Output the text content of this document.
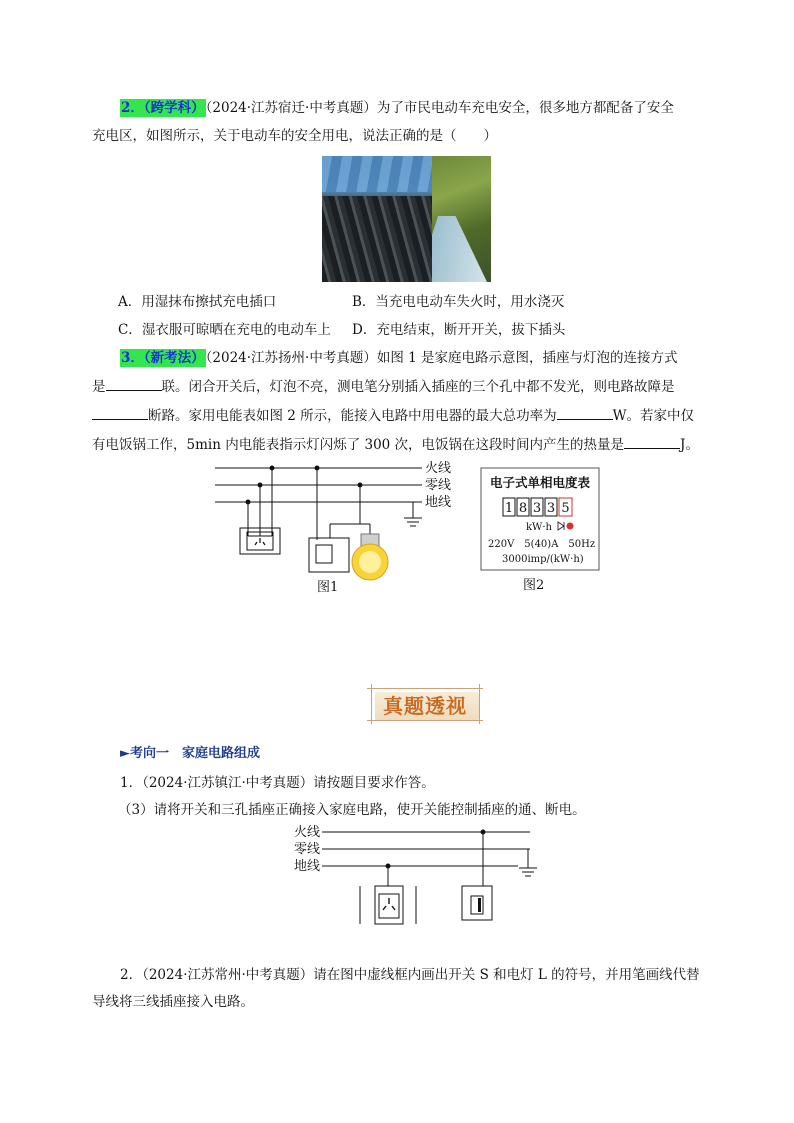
2．（跨学科）（2024·江苏宿迁·中考真题）为了市民电动车充电安全，很多地方都配备了安全
充电区，如图所示，关于电动车的安全用电，说法正确的是（　　）
A．用湿抹布擦拭充电插口	B．当充电电动车失火时，用水浇灭
C．湿衣服可晾晒在充电的电动车上 D．充电结束，断开开关，拔下插头
3．（新考法）（2024·江苏扬州·中考真题）如图 1 是家庭电路示意图，插座与灯泡的连接方式
是	联。闭合开关后，灯泡不亮，测电笔分别插入插座的三个孔中都不发光，则电路故障是
断路。家用电能表如图 2 所示，能接入电路中用电器的最大总功率为	W。若家中仅
有电饭锅工作，5min 内电能表指示灯闪烁了 300 次，电饭锅在这段时间内产生的热量是	J。
火线
零线
地线
图1
电子式单相电度表
1 8 3 3 5
kW·h
220V　5(40)A　50Hz
3000imp/(kW·h)
图2
真题透视
►考向一　家庭电路组成
1．（2024·江苏镇江·中考真题）请按题目要求作答。
（3）请将开关和三孔插座正确接入家庭电路，使开关能控制插座的通、断电。
火线
零线
地线
2．（2024·江苏常州·中考真题）请在图中虚线框内画出开关 S 和电灯 L 的符号，并用笔画线代替
导线将三线插座接入电路。
